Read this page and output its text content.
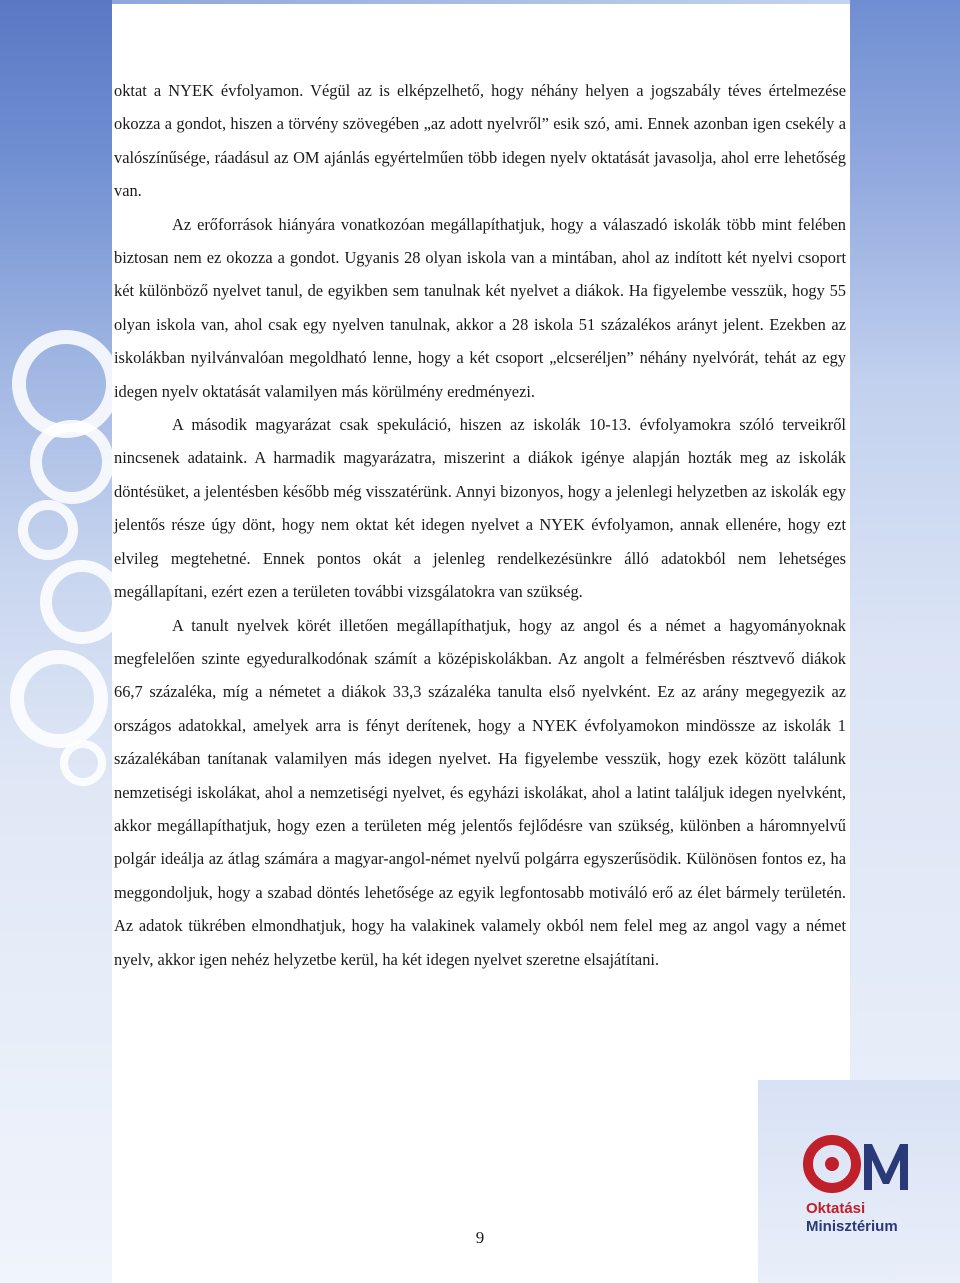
oktat a NYEK évfolyamon. Végül az is elképzelhető, hogy néhány helyen a jogszabály téves értelmezése okozza a gondot, hiszen a törvény szövegében „az adott nyelvről” esik szó, ami. Ennek azonban igen csekély a valószínűsége, ráadásul az OM ajánlás egyértelműen több idegen nyelv oktatását javasolja, ahol erre lehetőség van.

Az erőforrások hiányára vonatkozóan megállapíthatjuk, hogy a válaszadó iskolák több mint felében biztosan nem ez okozza a gondot. Ugyanis 28 olyan iskola van a mintában, ahol az indított két nyelvi csoport két különböző nyelvet tanul, de egyikben sem tanulnak két nyelvet a diákok. Ha figyelembe vesszük, hogy 55 olyan iskola van, ahol csak egy nyelven tanulnak, akkor a 28 iskola 51 százalékos arányt jelent. Ezekben az iskolákban nyilvánvalóan megoldható lenne, hogy a két csoport „elcseréljen” néhány nyelvórát, tehát az egy idegen nyelv oktatását valamilyen más körülmény eredményezi.

A második magyarázat csak spekuláció, hiszen az iskolák 10-13. évfolyamokra szóló terveikről nincsenek adataink. A harmadik magyarázatra, miszerint a diákok igénye alapján hozták meg az iskolák döntésüket, a jelentésben később még visszatérünk. Annyi bizonyos, hogy a jelenlegi helyzetben az iskolák egy jelentős része úgy dönt, hogy nem oktat két idegen nyelvet a NYEK évfolyamon, annak ellenére, hogy ezt elvileg megtehetné. Ennek pontos okát a jelenleg rendelkezésünkre álló adatokból nem lehetséges megállapítani, ezért ezen a területen további vizsgálatokra van szükség.

A tanult nyelvek körét illetően megállapíthatjuk, hogy az angol és a német a hagyományoknak megfelelően szinte egyeduralkodónak számít a középiskolákban. Az angolt a felmérésben résztvevő diákok 66,7 százaléka, míg a németet a diákok 33,3 százaléka tanulta első nyelvként. Ez az arány megegyezik az országos adatokkal, amelyek arra is fényt derítenek, hogy a NYEK évfolyamokon mindössze az iskolák 1 százalékában tanítanak valamilyen más idegen nyelvet. Ha figyelembe vesszük, hogy ezek között találunk nemzetiségi iskolákat, ahol a nemzetiségi nyelvet, és egyházi iskolákat, ahol a latint találjuk idegen nyelvként, akkor megállapíthatjuk, hogy ezen a területen még jelentős fejlődésre van szükség, különben a háromnyelvű polgár ideálja az átlag számára a magyar-angol-német nyelvű polgárra egyszerűsödik. Különösen fontos ez, ha meggondoljuk, hogy a szabad döntés lehetősége az egyik legfontosabb motiváló erő az élet bármely területén. Az adatok tükrében elmondhatjuk, hogy ha valakinek valamely okból nem felel meg az angol vagy a német nyelv, akkor igen nehéz helyzetbe kerül, ha két idegen nyelvet szeretne elsajátítani.

9
Oktatási
Minisztérium
